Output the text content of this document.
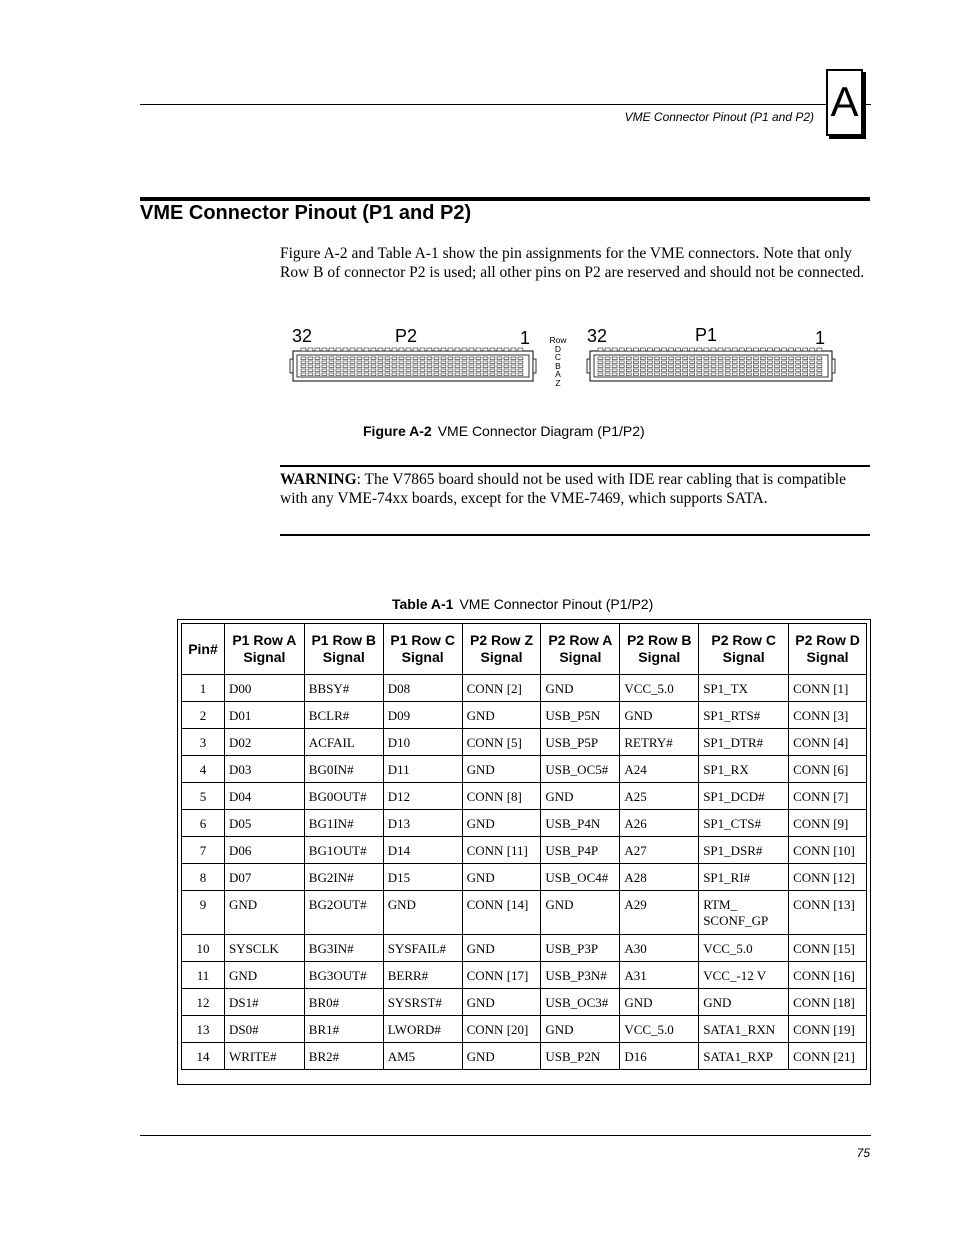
VME Connector Pinout (P1 and P2) A
VME Connector Pinout (P1 and P2)
Figure A-2 and Table A-1 show the pin assignments for the VME connectors. Note that only Row B of connector P2 is used; all other pins on P2 are reserved and should not be connected.
32	P2	1 Row
D
C
B
A
Z
32	P1	1
Figure A-2 VME Connector Diagram (P1/P2)
WARNING: The V7865 board should not be used with IDE rear cabling that is compatible with any VME-74xx boards, except for the VME-7469, which supports SATA.
Table A-1 VME Connector Pinout (P1/P2)
Pin#	P1 Row A Signal	P1 Row B Signal	P1 Row C Signal	P2 Row Z Signal	P2 Row A Signal	P2 Row B Signal	P2 Row C Signal	P2 Row D Signal
1	D00	BBSY#	D08	CONN [2]	GND	VCC_5.0	SP1_TX	CONN [1]
2	D01	BCLR#	D09	GND	USB_P5N	GND	SP1_RTS#	CONN [3]
3	D02	ACFAIL	D10	CONN [5]	USB_P5P	RETRY#	SP1_DTR#	CONN [4]
4	D03	BG0IN#	D11	GND	USB_OC5#	A24	SP1_RX	CONN [6]
5	D04	BG0OUT#	D12	CONN [8]	GND	A25	SP1_DCD#	CONN [7]
6	D05	BG1IN#	D13	GND	USB_P4N	A26	SP1_CTS#	CONN [9]
7	D06	BG1OUT#	D14	CONN [11]	USB_P4P	A27	SP1_DSR#	CONN [10]
8	D07	BG2IN#	D15	GND	USB_OC4#	A28	SP1_RI#	CONN [12]
9	GND	BG2OUT#	GND	CONN [14]	GND	A29	RTM_ SCONF_GP	CONN [13]
10	SYSCLK	BG3IN#	SYSFAIL#	GND	USB_P3P	A30	VCC_5.0	CONN [15]
11	GND	BG3OUT#	BERR#	CONN [17]	USB_P3N#	A31	VCC_-12 V	CONN [16]
12	DS1#	BR0#	SYSRST#	GND	USB_OC3#	GND	GND	CONN [18]
13	DS0#	BR1#	LWORD#	CONN [20]	GND	VCC_5.0	SATA1_RXN	CONN [19]
14	WRITE#	BR2#	AM5	GND	USB_P2N	D16	SATA1_RXP	CONN [21]
75
